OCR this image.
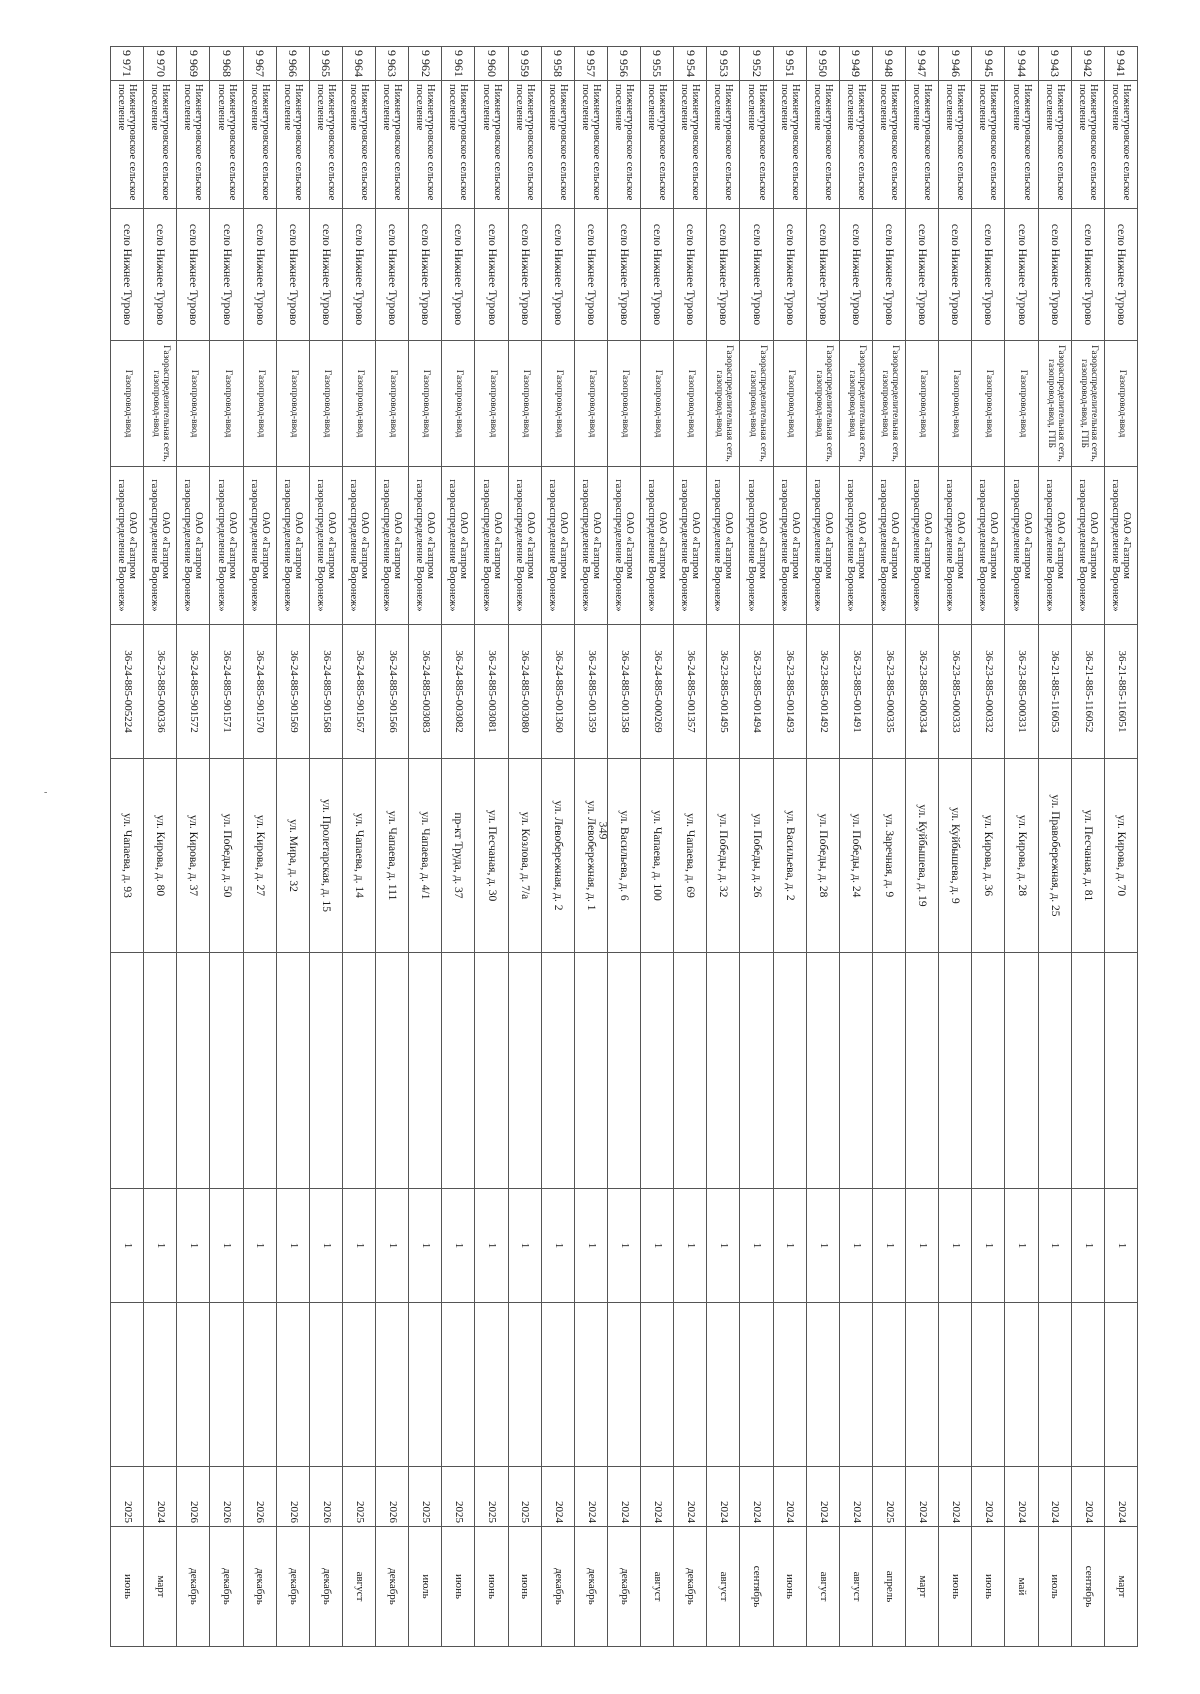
349
-
9 941	Нижнетуровское сельское поселение	село Нижнее Турово	Газопровод-ввод	ОАО «Газпром газораспределение Воронеж»	36-21-885-116051	ул. Кирова, д. 70		1		2024	март
9 942	Нижнетуровское сельское поселение	село Нижнее Турово	Газораспределительная сеть, газопровод-ввод, ГПБ	ОАО «Газпром газораспределение Воронеж»	36-21-885-116052	ул. Песчаная, д. 81		1		2024	сентябрь
9 943	Нижнетуровское сельское поселение	село Нижнее Турово	Газораспределительная сеть, газопровод-ввод, ГПБ	ОАО «Газпром газораспределение Воронеж»	36-21-885-116053	ул. Правобережная, д. 25		1		2024	июль
9 944	Нижнетуровское сельское поселение	село Нижнее Турово	Газопровод-ввод	ОАО «Газпром газораспределение Воронеж»	36-23-885-000331	ул. Кирова, д. 28		1		2024	май
9 945	Нижнетуровское сельское поселение	село Нижнее Турово	Газопровод-ввод	ОАО «Газпром газораспределение Воронеж»	36-23-885-000332	ул. Кирова, д. 36		1		2024	июнь
9 946	Нижнетуровское сельское поселение	село Нижнее Турово	Газопровод-ввод	ОАО «Газпром газораспределение Воронеж»	36-23-885-000333	ул. Куйбышева, д. 9		1		2024	июнь
9 947	Нижнетуровское сельское поселение	село Нижнее Турово	Газопровод-ввод	ОАО «Газпром газораспределение Воронеж»	36-23-885-000334	ул. Куйбышева, д. 19		1		2024	март
9 948	Нижнетуровское сельское поселение	село Нижнее Турово	Газораспределительная сеть, газопровод-ввод	ОАО «Газпром газораспределение Воронеж»	36-23-885-000335	ул. Заречная, д. 9		1		2025	апрель
9 949	Нижнетуровское сельское поселение	село Нижнее Турово	Газораспределительная сеть, газопровод-ввод	ОАО «Газпром газораспределение Воронеж»	36-23-885-001491	ул. Победы, д. 24		1		2024	август
9 950	Нижнетуровское сельское поселение	село Нижнее Турово	Газораспределительная сеть, газопровод-ввод	ОАО «Газпром газораспределение Воронеж»	36-23-885-001492	ул. Победы, д. 28		1		2024	август
9 951	Нижнетуровское сельское поселение	село Нижнее Турово	Газопровод-ввод	ОАО «Газпром газораспределение Воронеж»	36-23-885-001493	ул. Васильева, д. 2		1		2024	июнь
9 952	Нижнетуровское сельское поселение	село Нижнее Турово	Газораспределительная сеть, газопровод-ввод	ОАО «Газпром газораспределение Воронеж»	36-23-885-001494	ул. Победы, д. 26		1		2024	сентябрь
9 953	Нижнетуровское сельское поселение	село Нижнее Турово	Газораспределительная сеть, газопровод-ввод	ОАО «Газпром газораспределение Воронеж»	36-23-885-001495	ул. Победы, д. 32		1		2024	август
9 954	Нижнетуровское сельское поселение	село Нижнее Турово	Газопровод-ввод	ОАО «Газпром газораспределение Воронеж»	36-24-885-001357	ул. Чапаева, д. 69		1		2024	декабрь
9 955	Нижнетуровское сельское поселение	село Нижнее Турово	Газопровод-ввод	ОАО «Газпром газораспределение Воронеж»	36-24-885-000269	ул. Чапаева, д. 100		1		2024	август
9 956	Нижнетуровское сельское поселение	село Нижнее Турово	Газопровод-ввод	ОАО «Газпром газораспределение Воронеж»	36-24-885-001358	ул. Васильева, д. 6		1		2024	декабрь
9 957	Нижнетуровское сельское поселение	село Нижнее Турово	Газопровод-ввод	ОАО «Газпром газораспределение Воронеж»	36-24-885-001359	ул. Левобережная, д. 1		1		2024	декабрь
9 958	Нижнетуровское сельское поселение	село Нижнее Турово	Газопровод-ввод	ОАО «Газпром газораспределение Воронеж»	36-24-885-001360	ул. Левобережная, д. 2		1		2024	декабрь
9 959	Нижнетуровское сельское поселение	село Нижнее Турово	Газопровод-ввод	ОАО «Газпром газораспределение Воронеж»	36-24-885-003080	ул. Козлова, д. 7/а		1		2025	июнь
9 960	Нижнетуровское сельское поселение	село Нижнее Турово	Газопровод-ввод	ОАО «Газпром газораспределение Воронеж»	36-24-885-003081	ул. Песчаная, д. 30		1		2025	июнь
9 961	Нижнетуровское сельское поселение	село Нижнее Турово	Газопровод-ввод	ОАО «Газпром газораспределение Воронеж»	36-24-885-003082	пр-кт Труда, д. 37		1		2025	июнь
9 962	Нижнетуровское сельское поселение	село Нижнее Турово	Газопровод-ввод	ОАО «Газпром газораспределение Воронеж»	36-24-885-003083	ул. Чапаева, д. 4/1		1		2025	июль
9 963	Нижнетуровское сельское поселение	село Нижнее Турово	Газопровод-ввод	ОАО «Газпром газораспределение Воронеж»	36-24-885-901566	ул. Чапаева, д. 111		1		2026	декабрь
9 964	Нижнетуровское сельское поселение	село Нижнее Турово	Газопровод-ввод	ОАО «Газпром газораспределение Воронеж»	36-24-885-901567	ул. Чапаева, д. 14		1		2025	август
9 965	Нижнетуровское сельское поселение	село Нижнее Турово	Газопровод-ввод	ОАО «Газпром газораспределение Воронеж»	36-24-885-901568	ул. Пролетарская, д. 15		1		2026	декабрь
9 966	Нижнетуровское сельское поселение	село Нижнее Турово	Газопровод-ввод	ОАО «Газпром газораспределение Воронеж»	36-24-885-901569	ул. Мира, д. 32		1		2026	декабрь
9 967	Нижнетуровское сельское поселение	село Нижнее Турово	Газопровод-ввод	ОАО «Газпром газораспределение Воронеж»	36-24-885-901570	ул. Кирова, д. 27		1		2026	декабрь
9 968	Нижнетуровское сельское поселение	село Нижнее Турово	Газопровод-ввод	ОАО «Газпром газораспределение Воронеж»	36-24-885-901571	ул. Победы, д. 50		1		2026	декабрь
9 969	Нижнетуровское сельское поселение	село Нижнее Турово	Газопровод-ввод	ОАО «Газпром газораспределение Воронеж»	36-24-885-901572	ул. Кирова, д. 37		1		2026	декабрь
9 970	Нижнетуровское сельское поселение	село Нижнее Турово	Газораспределительная сеть, газопровод-ввод	ОАО «Газпром газораспределение Воронеж»	36-23-885-000336	ул. Кирова, д. 80		1		2024	март
9 971	Нижнетуровское сельское поселение	село Нижнее Турово	Газопровод-ввод	ОАО «Газпром газораспределение Воронеж»	36-24-885-005224	ул. Чапаева, д. 93		1		2025	июнь
